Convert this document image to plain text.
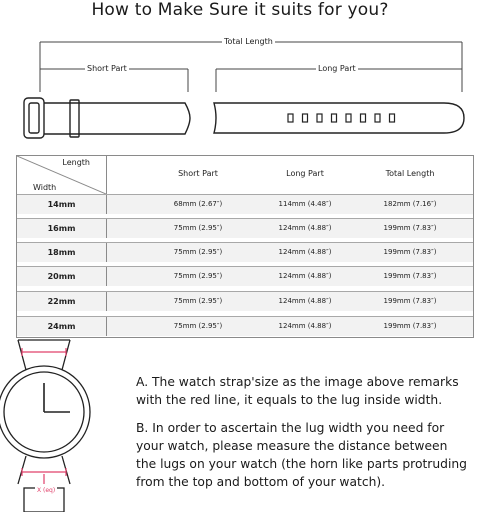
How to Make Sure it suits for you?
Total Length
Short Part	Long Part
X (eq)
Length
Width
Short Part	Long Part	Total Length
14mm	68mm (2.67″)	114mm (4.48″)	182mm (7.16″)
16mm	75mm (2.95″)	124mm (4.88″)	199mm (7.83″)
18mm	75mm (2.95″)	124mm (4.88″)	199mm (7.83″)
20mm	75mm (2.95″)	124mm (4.88″)	199mm (7.83″)
22mm	75mm (2.95″)	124mm (4.88″)	199mm (7.83″)
24mm	75mm (2.95″)	124mm (4.88″)	199mm (7.83″)
A. The watch strap'size as the image above remarks
with the red line, it equals to the lug inside width.
B. In order to ascertain the lug width you need for
your watch, please measure the distance between
the lugs on your watch (the horn like parts protruding
from the top and bottom of your watch).
